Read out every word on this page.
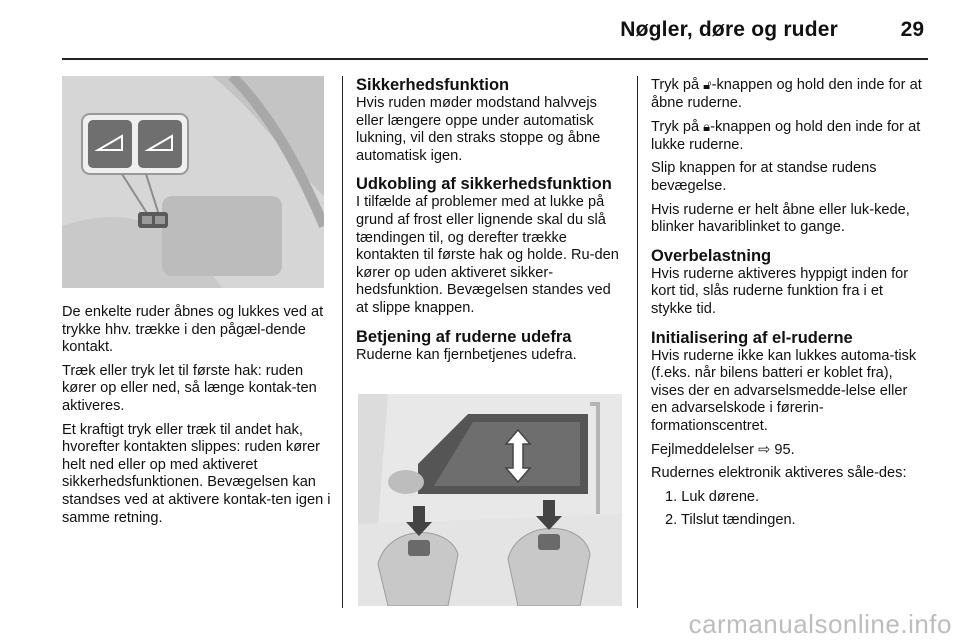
Nøgler, døre og ruder	29

De enkelte ruder åbnes og lukkes ved at trykke hhv. trække i den pågæl-dende kontakt.

Træk eller tryk let til første hak: ruden kører op eller ned, så længe kontak-ten aktiveres.

Et kraftigt tryk eller træk til andet hak, hvorefter kontakten slippes: ruden kører helt ned eller op med aktiveret sikkerhedsfunktionen. Bevægelsen kan standses ved at aktivere kontak-ten igen i samme retning.

Sikkerhedsfunktion

Hvis ruden møder modstand halvvejs eller længere oppe under automatisk lukning, vil den straks stoppe og åbne automatisk igen.

Udkobling af sikkerhedsfunktion

I tilfælde af problemer med at lukke på grund af frost eller lignende skal du slå tændingen til, og derefter trække kontakten til første hak og holde. Ru-den kører op uden aktiveret sikker-hedsfunktion. Bevægelsen standes ved at slippe knappen.

Betjening af ruderne udefra

Ruderne kan fjernbetjenes udefra.

Tryk på 🔓︎-knappen og hold den inde for at åbne ruderne.

Tryk på 🔒︎-knappen og hold den inde for at lukke ruderne.

Slip knappen for at standse rudens bevægelse.

Hvis ruderne er helt åbne eller luk-kede, blinker havariblinket to gange.

Overbelastning

Hvis ruderne aktiveres hyppigt inden for kort tid, slås ruderne funktion fra i et stykke tid.

Initialisering af el-ruderne

Hvis ruderne ikke kan lukkes automa-tisk (f.eks. når bilens batteri er koblet fra), vises der en advarselsmedde-lelse eller en advarselskode i førerin-formationscentret.

Fejlmeddelelser ⇨ 95.

Rudernes elektronik aktiveres såle-des:

1. Luk dørene.
2. Tilslut tændingen.
carmanualsonline.info
